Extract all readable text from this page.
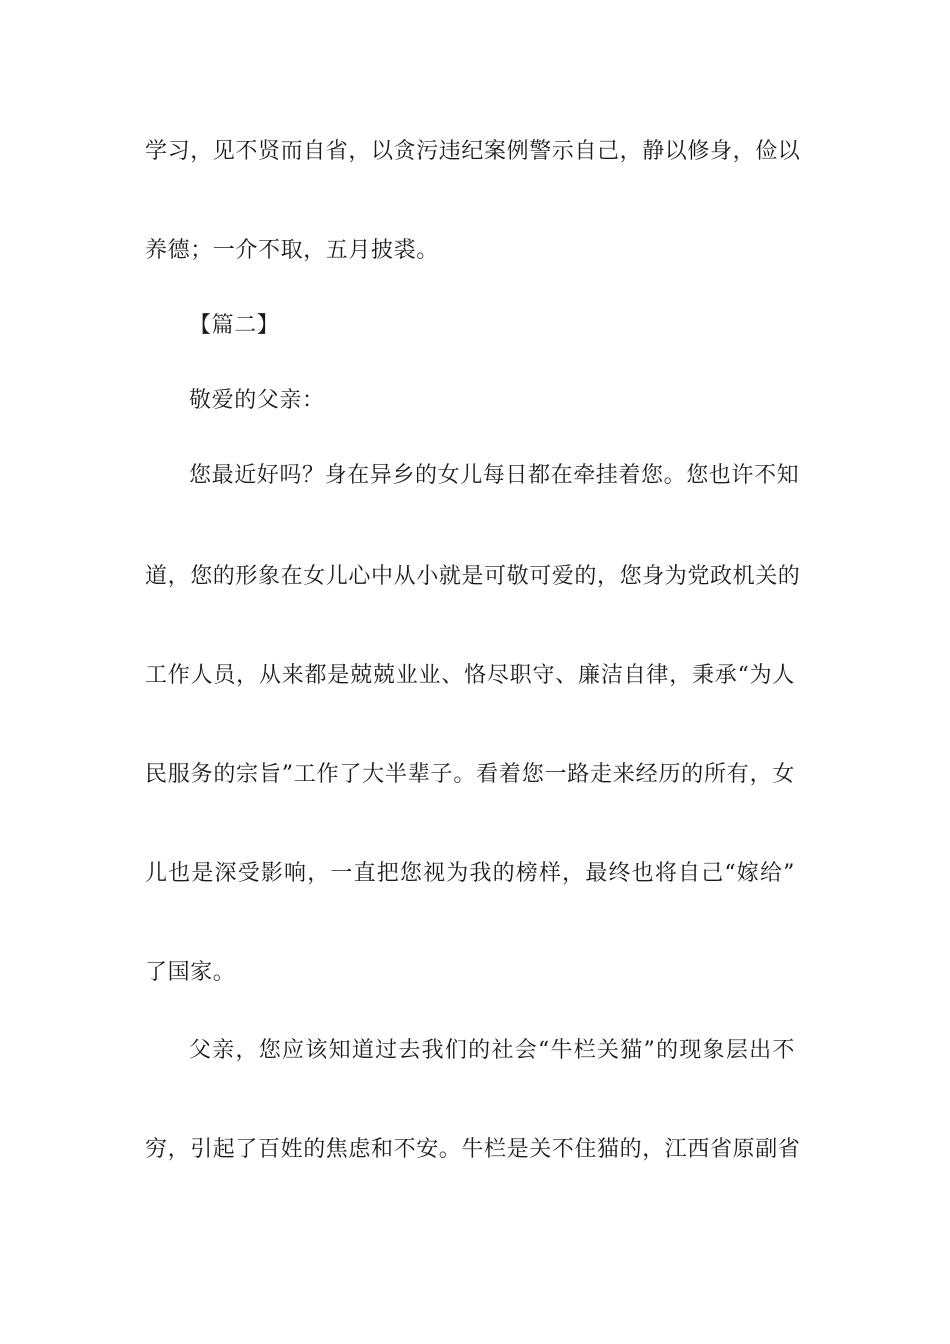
学习，见不贤而自省，以贪污违纪案例警示自己，静以修身，俭以
养德；一介不取，五月披裘。
【篇二】
敬爱的父亲：
您最近好吗？身在异乡的女儿每日都在牵挂着您。您也许不知
道，您的形象在女儿心中从小就是可敬可爱的，您身为党政机关的
工作人员，从来都是兢兢业业、恪尽职守、廉洁自律，秉承“为人
民服务的宗旨”工作了大半辈子。看着您一路走来经历的所有，女
儿也是深受影响，一直把您视为我的榜样，最终也将自己“嫁给”
了国家。
父亲，您应该知道过去我们的社会“牛栏关猫”的现象层出不
穷，引起了百姓的焦虑和不安。牛栏是关不住猫的，江西省原副省
